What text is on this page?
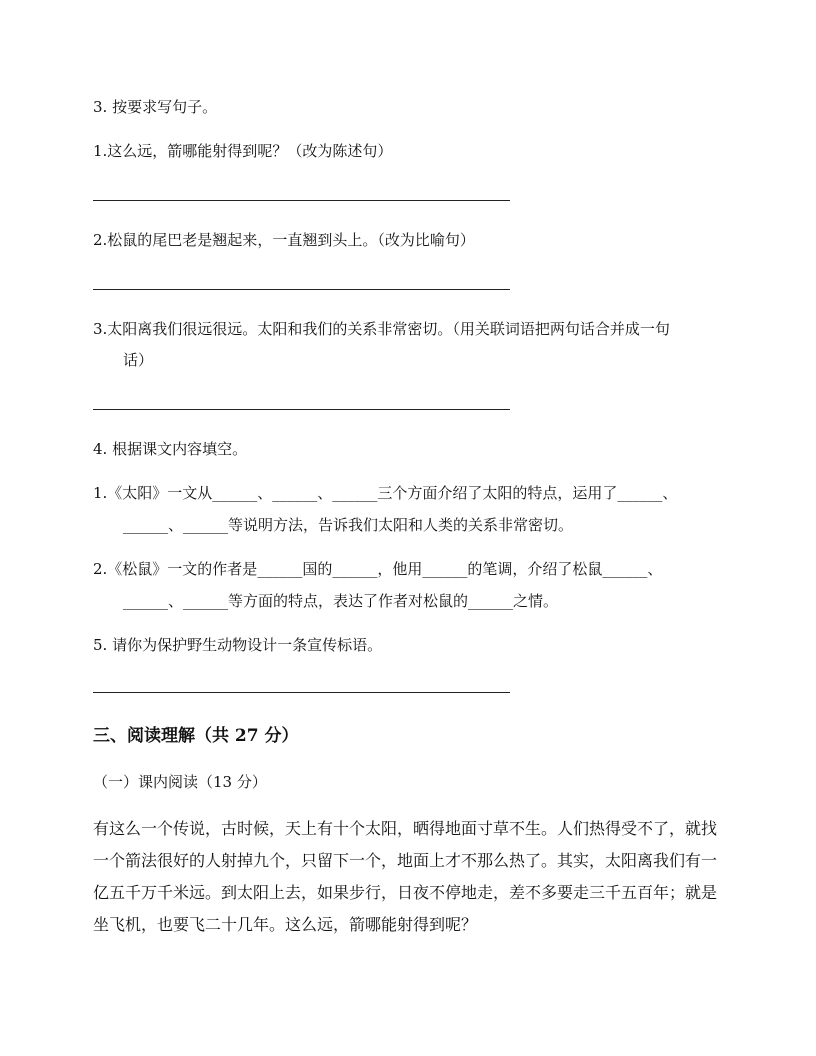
3. 按要求写句子。
1.这么远，箭哪能射得到呢？（改为陈述句）
2.松鼠的尾巴老是翘起来，一直翘到头上。（改为比喻句）
3.太阳离我们很远很远。太阳和我们的关系非常密切。（用关联词语把两句话合并成一句
话）
4. 根据课文内容填空。
1.《太阳》一文从______、______、______三个方面介绍了太阳的特点，运用了______、
______、______等说明方法，告诉我们太阳和人类的关系非常密切。
2.《松鼠》一文的作者是______国的______，他用______的笔调，介绍了松鼠______、
______、______等方面的特点，表达了作者对松鼠的______之情。
5. 请你为保护野生动物设计一条宣传标语。
三、阅读理解（共 27 分）
（一）课内阅读（13 分）
有这么一个传说，古时候，天上有十个太阳，晒得地面寸草不生。人们热得受不了，就找
一个箭法很好的人射掉九个，只留下一个，地面上才不那么热了。其实，太阳离我们有一
亿五千万千米远。到太阳上去，如果步行，日夜不停地走，差不多要走三千五百年；就是
坐飞机，也要飞二十几年。这么远，箭哪能射得到呢？
